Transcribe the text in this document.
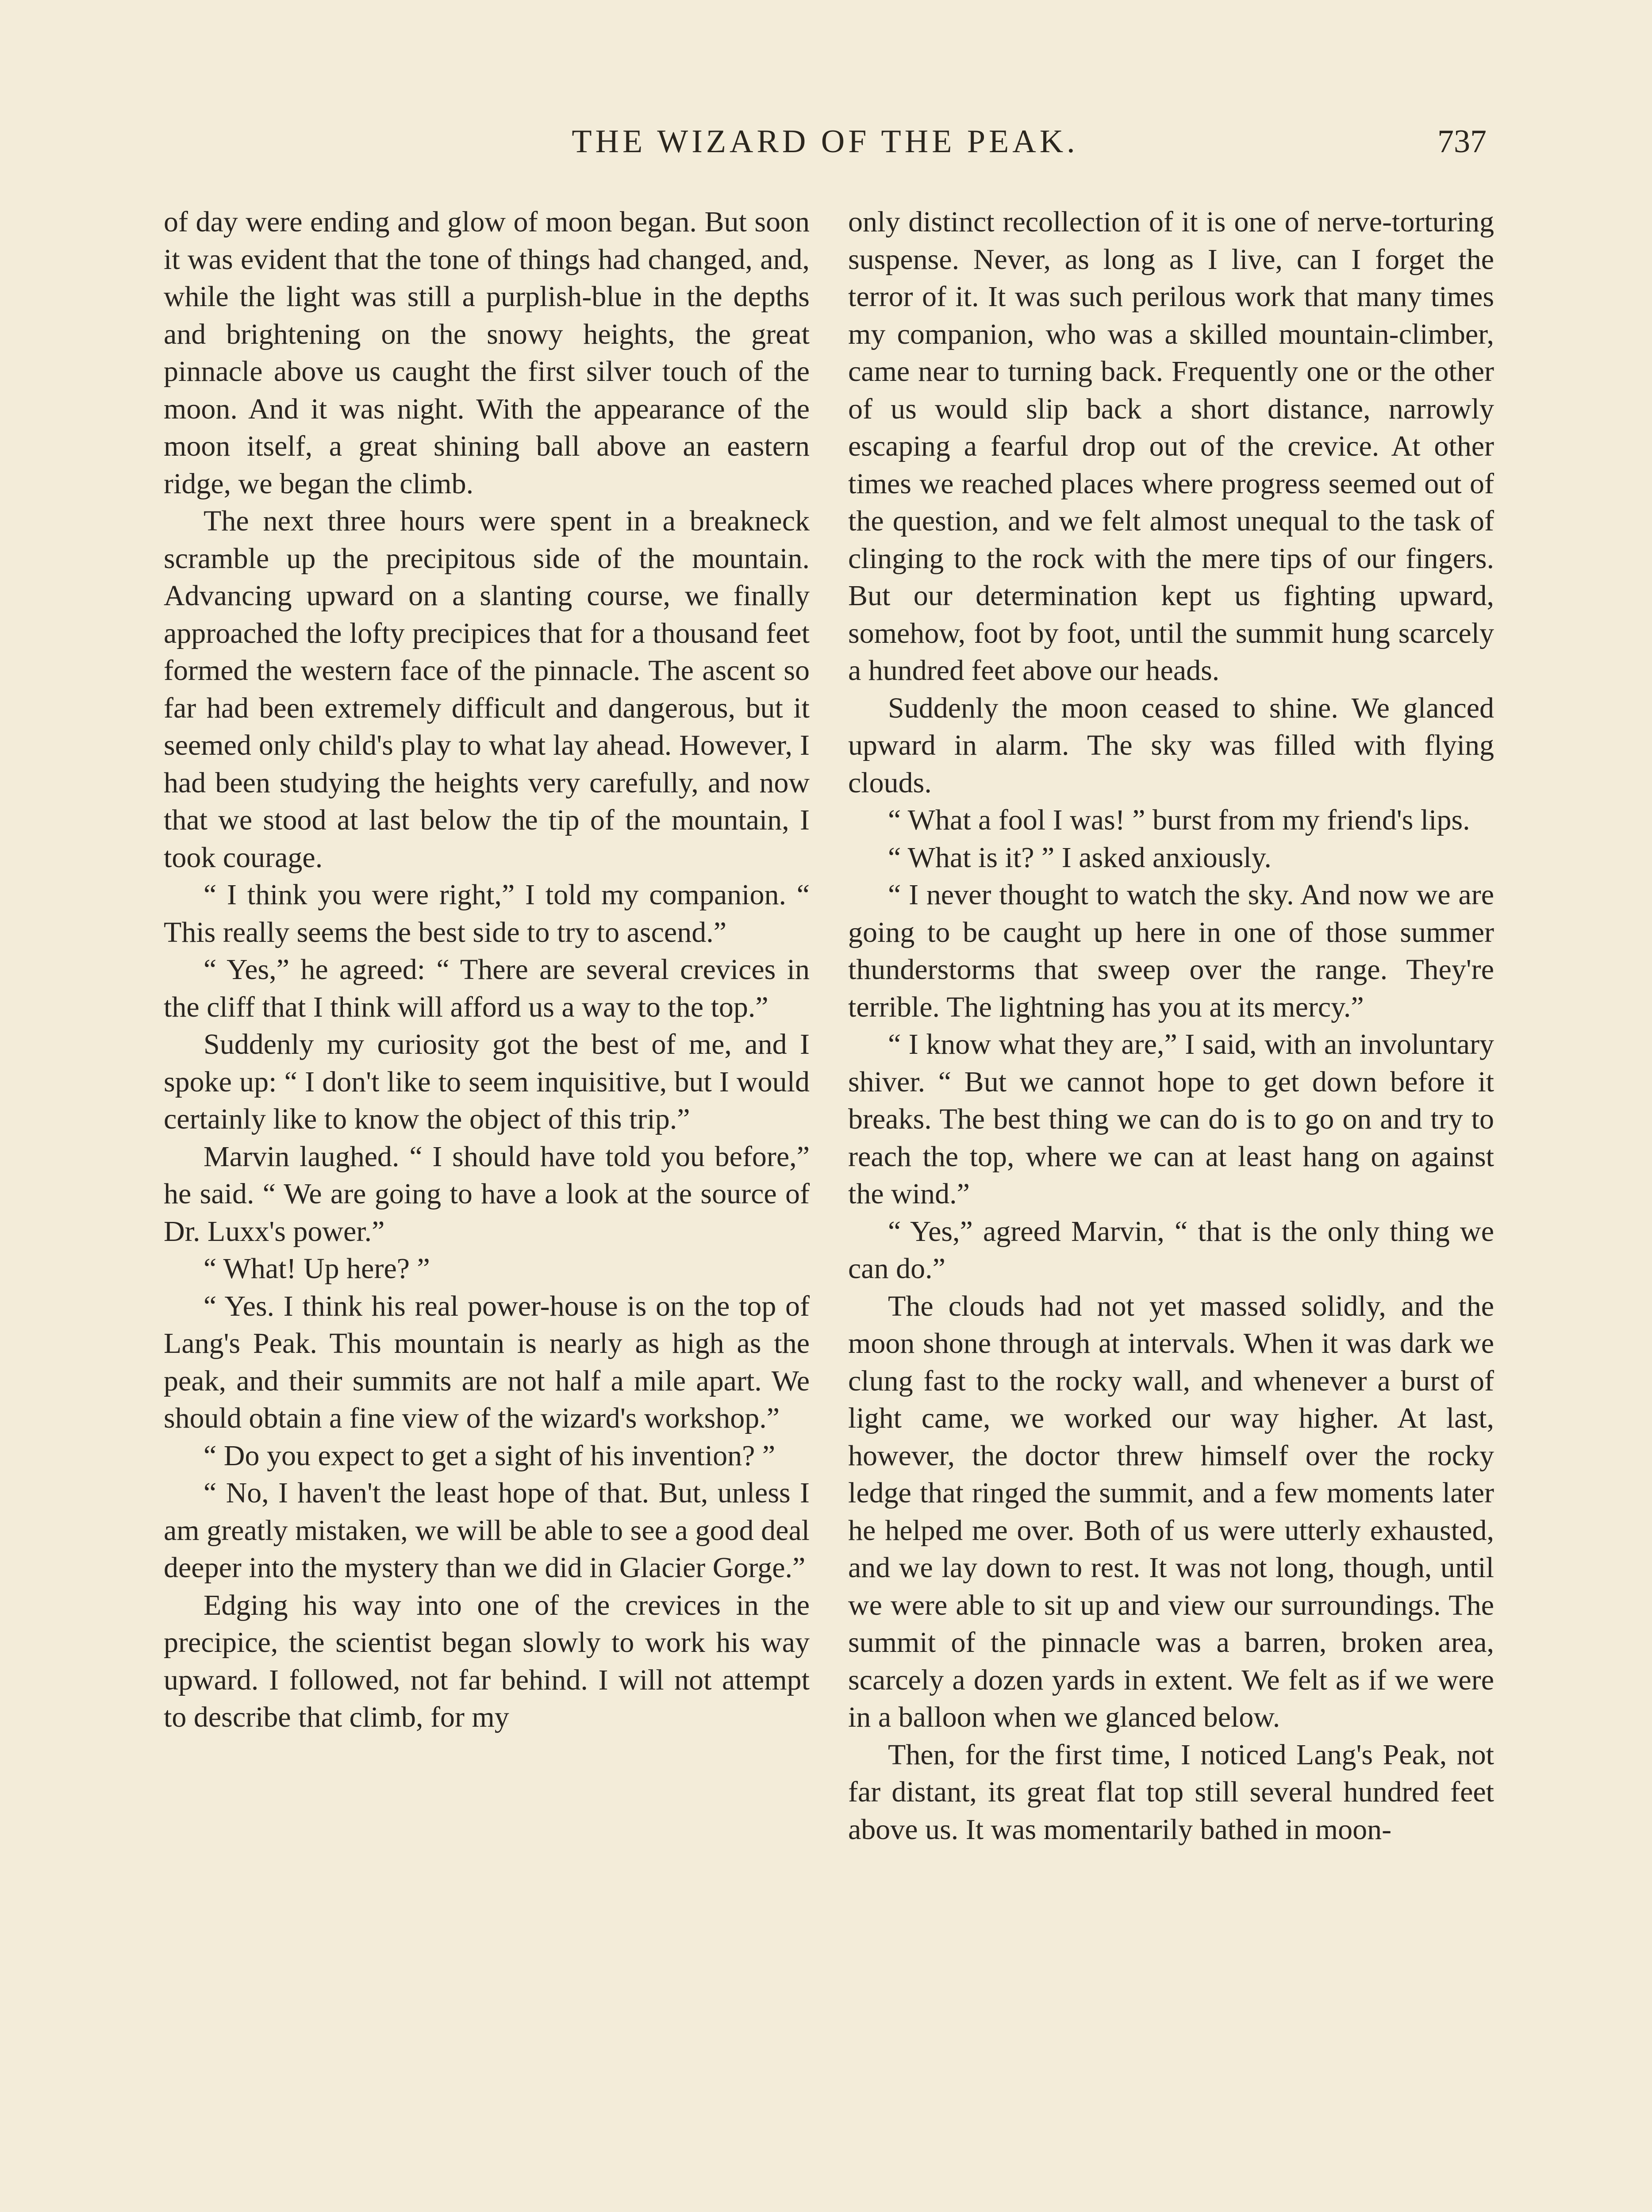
THE WIZARD OF THE PEAK.	737

of day were ending and glow of moon began. But soon it was evident that the tone of things had changed, and, while the light was still a purplish-blue in the depths and brightening on the snowy heights, the great pinnacle above us caught the first silver touch of the moon. And it was night. With the appearance of the moon itself, a great shining ball above an eastern ridge, we began the climb.

The next three hours were spent in a breakneck scramble up the precipitous side of the mountain. Advancing upward on a slanting course, we finally approached the lofty precipices that for a thousand feet formed the western face of the pinnacle. The ascent so far had been extremely difficult and dangerous, but it seemed only child's play to what lay ahead. However, I had been studying the heights very carefully, and now that we stood at last below the tip of the mountain, I took courage.

“ I think you were right,” I told my companion. “ This really seems the best side to try to ascend.”

“ Yes,” he agreed: “ There are several crevices in the cliff that I think will afford us a way to the top.”

Suddenly my curiosity got the best of me, and I spoke up: “ I don't like to seem inquisitive, but I would certainly like to know the object of this trip.”

Marvin laughed. “ I should have told you before,” he said. “ We are going to have a look at the source of Dr. Luxx's power.”

“ What! Up here? ”

“ Yes. I think his real power-house is on the top of Lang's Peak. This mountain is nearly as high as the peak, and their summits are not half a mile apart. We should obtain a fine view of the wizard's workshop.”

“ Do you expect to get a sight of his invention? ”

“ No, I haven't the least hope of that. But, unless I am greatly mistaken, we will be able to see a good deal deeper into the mystery than we did in Glacier Gorge.”

Edging his way into one of the crevices in the precipice, the scientist began slowly to work his way upward. I followed, not far behind. I will not attempt to describe that climb, for my

only distinct recollection of it is one of nerve-torturing suspense. Never, as long as I live, can I forget the terror of it. It was such perilous work that many times my companion, who was a skilled mountain-climber, came near to turning back. Frequently one or the other of us would slip back a short distance, narrowly escaping a fearful drop out of the crevice. At other times we reached places where progress seemed out of the question, and we felt almost unequal to the task of clinging to the rock with the mere tips of our fingers. But our determination kept us fighting upward, somehow, foot by foot, until the summit hung scarcely a hundred feet above our heads.

Suddenly the moon ceased to shine. We glanced upward in alarm. The sky was filled with flying clouds.

“ What a fool I was! ” burst from my friend's lips.

“ What is it? ” I asked anxiously.

“ I never thought to watch the sky. And now we are going to be caught up here in one of those summer thunderstorms that sweep over the range. They're terrible. The lightning has you at its mercy.”

“ I know what they are,” I said, with an involuntary shiver. “ But we cannot hope to get down before it breaks. The best thing we can do is to go on and try to reach the top, where we can at least hang on against the wind.”

“ Yes,” agreed Marvin, “ that is the only thing we can do.”

The clouds had not yet massed solidly, and the moon shone through at intervals. When it was dark we clung fast to the rocky wall, and whenever a burst of light came, we worked our way higher. At last, however, the doctor threw himself over the rocky ledge that ringed the summit, and a few moments later he helped me over. Both of us were utterly exhausted, and we lay down to rest. It was not long, though, until we were able to sit up and view our surroundings. The summit of the pinnacle was a barren, broken area, scarcely a dozen yards in extent. We felt as if we were in a balloon when we glanced below.

Then, for the first time, I noticed Lang's Peak, not far distant, its great flat top still several hundred feet above us. It was momentarily bathed in moon-
